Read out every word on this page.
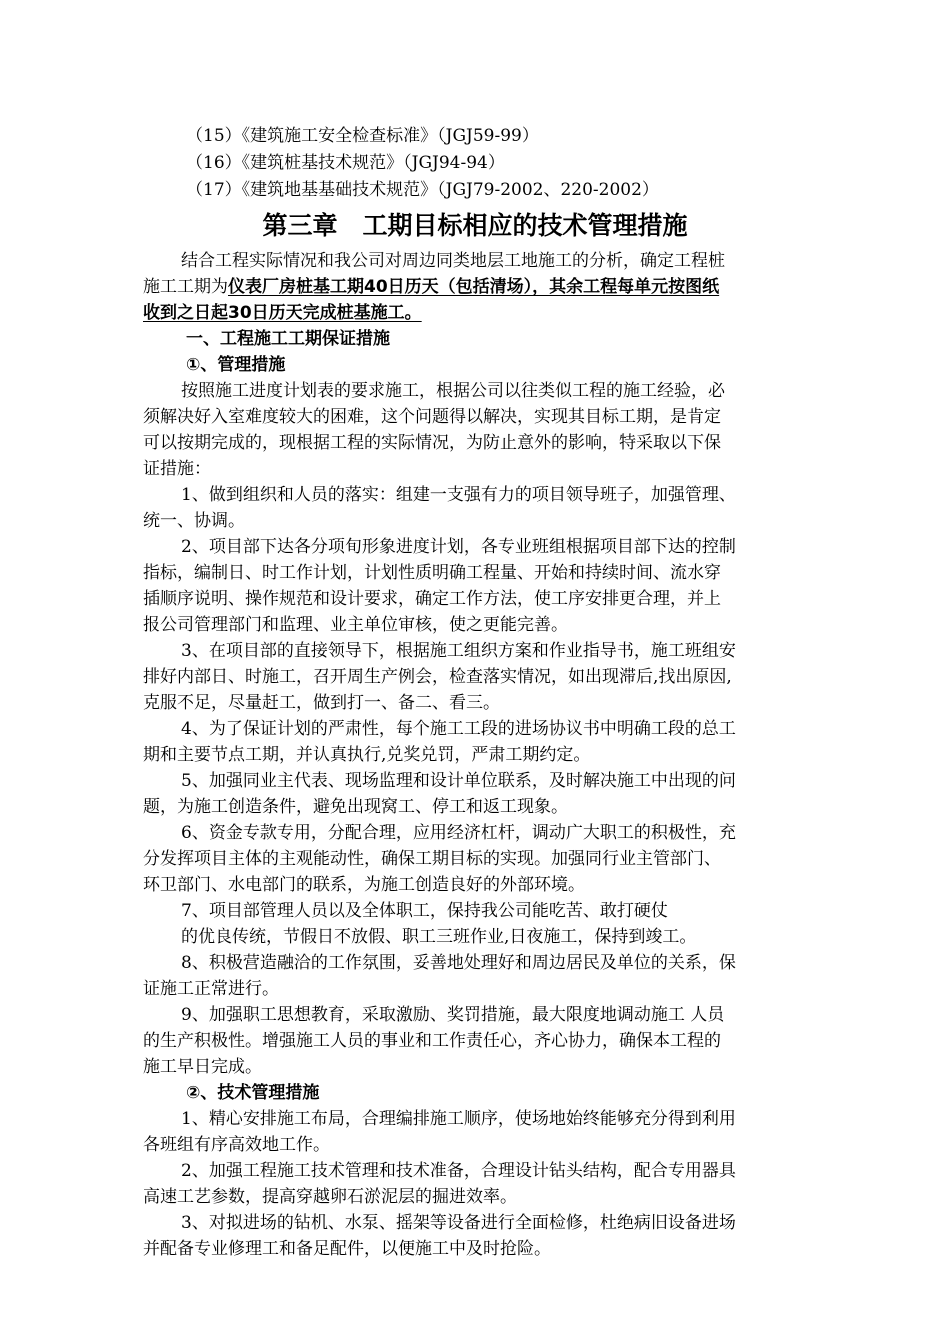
（15）《建筑施工安全检查标准》（JGJ59-99）
（16）《建筑桩基技术规范》（JGJ94-94）
（17）《建筑地基基础技术规范》（JGJ79-2002、220-2002）
第三章　工期目标相应的技术管理措施
结合工程实际情况和我公司对周边同类地层工地施工的分析，确定工程桩
施工工期为仪表厂房桩基工期40日历天（包括清场），其余工程每单元按图纸
收到之日起30日历天完成桩基施工。
一、工程施工工期保证措施
①、管理措施
按照施工进度计划表的要求施工，根据公司以往类似工程的施工经验，必
须解决好入室难度较大的困难，这个问题得以解决，实现其目标工期，是肯定
可以按期完成的，现根据工程的实际情况，为防止意外的影响，特采取以下保
证措施：
1、做到组织和人员的落实：组建一支强有力的项目领导班子，加强管理、
统一、协调。
2、项目部下达各分项旬形象进度计划，各专业班组根据项目部下达的控制
指标，编制日、时工作计划，计划性质明确工程量、开始和持续时间、流水穿
插顺序说明、操作规范和设计要求，确定工作方法，使工序安排更合理，并上
报公司管理部门和监理、业主单位审核，使之更能完善。
3、在项目部的直接领导下，根据施工组织方案和作业指导书，施工班组安
排好内部日、时施工，召开周生产例会，检查落实情况，如出现滞后,找出原因,
克服不足，尽量赶工，做到打一、备二、看三。
4、为了保证计划的严肃性，每个施工工段的进场协议书中明确工段的总工
期和主要节点工期，并认真执行,兑奖兑罚，严肃工期约定。
5、加强同业主代表、现场监理和设计单位联系，及时解决施工中出现的问
题，为施工创造条件，避免出现窝工、停工和返工现象。
6、资金专款专用，分配合理，应用经济杠杆，调动广大职工的积极性，充
分发挥项目主体的主观能动性，确保工期目标的实现。加强同行业主管部门、
环卫部门、水电部门的联系，为施工创造良好的外部环境。
7、项目部管理人员以及全体职工，保持我公司能吃苦、敢打硬仗
的优良传统，节假日不放假、职工三班作业,日夜施工，保持到竣工。
8、积极营造融洽的工作氛围，妥善地处理好和周边居民及单位的关系，保
证施工正常进行。
9、加强职工思想教育，采取激励、奖罚措施，最大限度地调动施工 人员
的生产积极性。增强施工人员的事业和工作责任心，齐心协力，确保本工程的
施工早日完成。
②、技术管理措施
1、精心安排施工布局，合理编排施工顺序，使场地始终能够充分得到利用
各班组有序高效地工作。
2、加强工程施工技术管理和技术准备，合理设计钻头结构，配合专用器具
高速工艺参数，提高穿越卵石淤泥层的掘进效率。
3、对拟进场的钻机、水泵、摇架等设备进行全面检修，杜绝病旧设备进场
并配备专业修理工和备足配件，以便施工中及时抢险。
